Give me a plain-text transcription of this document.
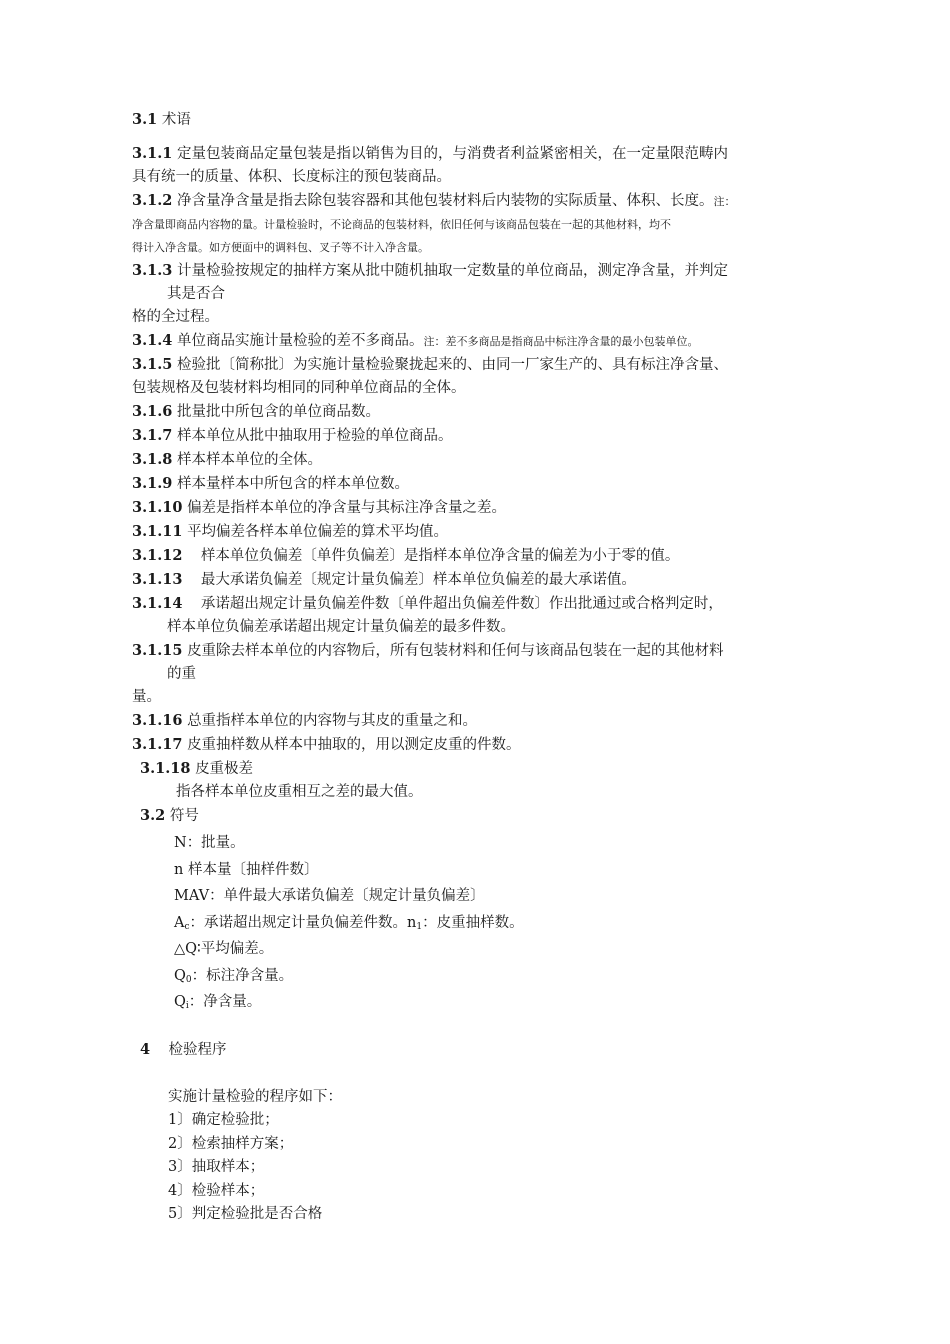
3.1 术语

3.1.1 定量包装商品定量包装是指以销售为目的，与消费者利益紧密相关，在一定量限范畴内

具有统一的质量、体积、长度标注的预包装商品。

3.1.2 净含量净含量是指去除包装容器和其他包装材料后内装物的实际质量、体积、长度。注：

净含量即商品内容物的量。计量检验时，不论商品的包装材料，依旧任何与该商品包装在一起的其他材料，均不

得计入净含量。如方便面中的调料包、叉子等不计入净含量。

3.1.3 计量检验按规定的抽样方案从批中随机抽取一定数量的单位商品，测定净含量，并判定

其是否合

格的全过程。

3.1.4 单位商品实施计量检验的差不多商品。注：差不多商品是指商品中标注净含量的最小包装单位。

3.1.5 检验批〔简称批〕为实施计量检验聚拢起来的、由同一厂家生产的、具有标注净含量、

包装规格及包装材料均相同的同种单位商品的全体。

3.1.6 批量批中所包含的单位商品数。

3.1.7 样本单位从批中抽取用于检验的单位商品。

3.1.8 样本样本单位的全体。

3.1.9 样本量样本中所包含的样本单位数。

3.1.10 偏差是指样本单位的净含量与其标注净含量之差。

3.1.11 平均偏差各样本单位偏差的算术平均值。

3.1.12 样本单位负偏差〔单件负偏差〕是指样本单位净含量的偏差为小于零的值。

3.1.13 最大承诺负偏差〔规定计量负偏差〕样本单位负偏差的最大承诺值。

3.1.14 承诺超出规定计量负偏差件数〔单件超出负偏差件数〕作出批通过或合格判定时，

样本单位负偏差承诺超出规定计量负偏差的最多件数。

3.1.15 皮重除去样本单位的内容物后，所有包装材料和任何与该商品包装在一起的其他材料

的重

量。

3.1.16 总重指样本单位的内容物与其皮的重量之和。

3.1.17 皮重抽样数从样本中抽取的，用以测定皮重的件数。

3.1.18 皮重极差

指各样本单位皮重相互之差的最大值。

3.2 符号

N：批量。

n 样本量〔抽样件数〕

MAV：单件最大承诺负偏差〔规定计量负偏差〕

$A_c$：承诺超出规定计量负偏差件数。$n_1$：皮重抽样数。

△Q∶平均偏差。

$Q_0$：标注净含量。

$Q_i$：净含量。

4 检验程序

实施计量检验的程序如下：

1〕确定检验批；

2〕检索抽样方案；

3〕抽取样本；

4〕检验样本；

5〕判定检验批是否合格
